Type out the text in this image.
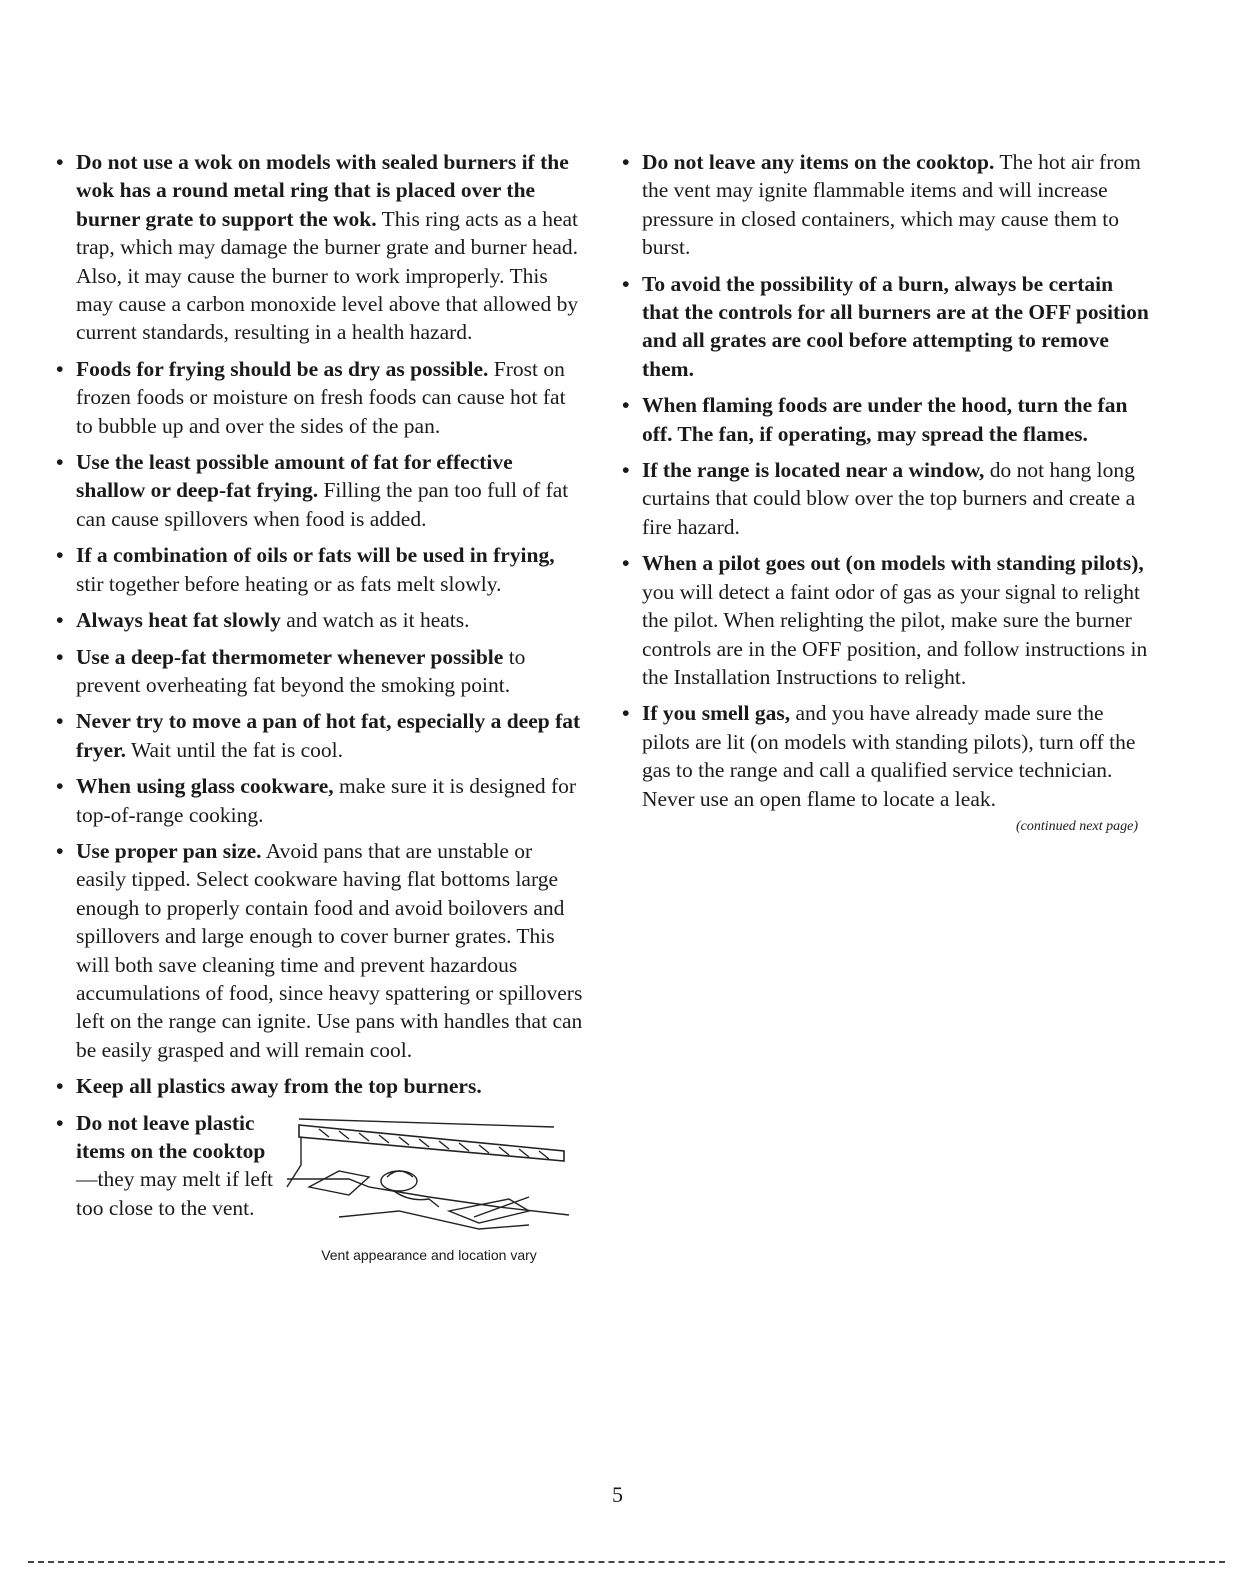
• Do not use a wok on models with sealed burners if the wok has a round metal ring that is placed over the burner grate to support the wok. This ring acts as a heat trap, which may damage the burner grate and burner head. Also, it may cause the burner to work improperly. This may cause a carbon monoxide level above that allowed by current standards, resulting in a health hazard.
• Foods for frying should be as dry as possible. Frost on frozen foods or moisture on fresh foods can cause hot fat to bubble up and over the sides of the pan.
• Use the least possible amount of fat for effective shallow or deep-fat frying. Filling the pan too full of fat can cause spillovers when food is added.
• If a combination of oils or fats will be used in frying, stir together before heating or as fats melt slowly.
• Always heat fat slowly and watch as it heats.
• Use a deep-fat thermometer whenever possible to prevent overheating fat beyond the smoking point.
• Never try to move a pan of hot fat, especially a deep fat fryer. Wait until the fat is cool.
• When using glass cookware, make sure it is designed for top-of-range cooking.
• Use proper pan size. Avoid pans that are unstable or easily tipped. Select cookware having flat bottoms large enough to properly contain food and avoid boilovers and spillovers and large enough to cover burner grates. This will both save cleaning time and prevent hazardous accumulations of food, since heavy spattering or spillovers left on the range can ignite. Use pans with handles that can be easily grasped and will remain cool.
• Keep all plastics away from the top burners.
• Do not leave plastic items on the cooktop—they may melt if left too close to the vent.
Vent appearance and location vary
• Do not leave any items on the cooktop. The hot air from the vent may ignite flammable items and will increase pressure in closed containers, which may cause them to burst.
• To avoid the possibility of a burn, always be certain that the controls for all burners are at the OFF position and all grates are cool before attempting to remove them.
• When flaming foods are under the hood, turn the fan off. The fan, if operating, may spread the flames.
• If the range is located near a window, do not hang long curtains that could blow over the top burners and create a fire hazard.
• When a pilot goes out (on models with standing pilots), you will detect a faint odor of gas as your signal to relight the pilot. When relighting the pilot, make sure the burner controls are in the OFF position, and follow instructions in the Installation Instructions to relight.
• If you smell gas, and you have already made sure the pilots are lit (on models with standing pilots), turn off the gas to the range and call a qualified service technician. Never use an open flame to locate a leak.
(continued next page)
5
